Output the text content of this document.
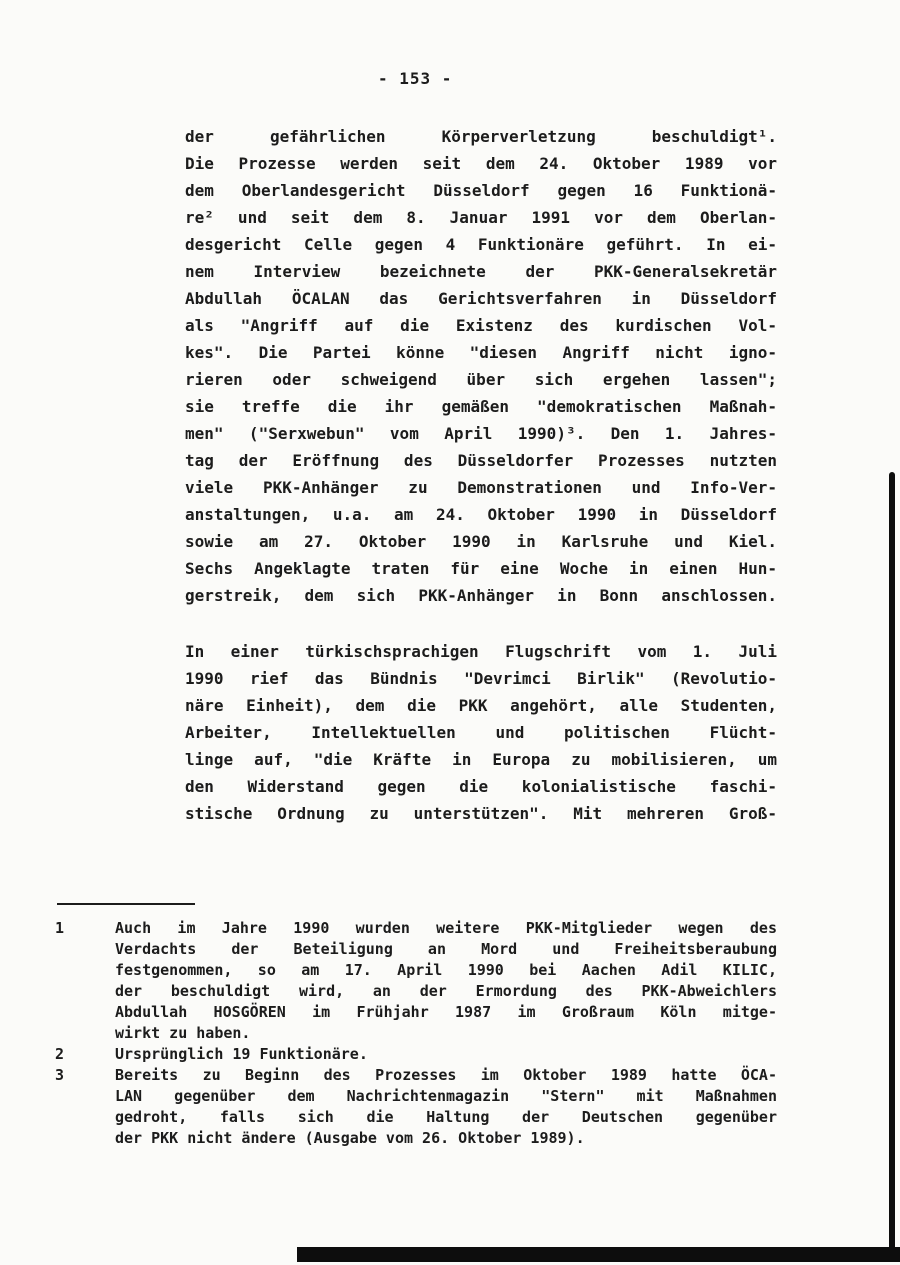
- 153 -
der gefährlichen Körperverletzung beschuldigt¹.
Die Prozesse werden seit dem 24. Oktober 1989 vor
dem Oberlandesgericht Düsseldorf gegen 16 Funktionä-
re² und seit dem 8. Januar 1991 vor dem Oberlan-
desgericht Celle gegen 4 Funktionäre geführt. In ei-
nem Interview bezeichnete der PKK-Generalsekretär
Abdullah ÖCALAN das Gerichtsverfahren in Düsseldorf
als "Angriff auf die Existenz des kurdischen Vol-
kes". Die Partei könne "diesen Angriff nicht igno-
rieren oder schweigend über sich ergehen lassen";
sie treffe die ihr gemäßen "demokratischen Maßnah-
men" ("Serxwebun" vom April 1990)³. Den 1. Jahres-
tag der Eröffnung des Düsseldorfer Prozesses nutzten
viele PKK-Anhänger zu Demonstrationen und Info-Ver-
anstaltungen, u.a. am 24. Oktober 1990 in Düsseldorf
sowie am 27. Oktober 1990 in Karlsruhe und Kiel.
Sechs Angeklagte traten für eine Woche in einen Hun-
gerstreik, dem sich PKK-Anhänger in Bonn anschlossen.
In einer türkischsprachigen Flugschrift vom 1. Juli
1990 rief das Bündnis "Devrimci Birlik" (Revolutio-
näre Einheit), dem die PKK angehört, alle Studenten,
Arbeiter, Intellektuellen und politischen Flücht-
linge auf, "die Kräfte in Europa zu mobilisieren, um
den Widerstand gegen die kolonialistische faschi-
stische Ordnung zu unterstützen". Mit mehreren Groß-
1	Auch im Jahre 1990 wurden weitere PKK-Mitglieder wegen des
Verdachts der Beteiligung an Mord und Freiheitsberaubung
festgenommen, so am 17. April 1990 bei Aachen Adil KILIC,
der beschuldigt wird, an der Ermordung des PKK-Abweichlers
Abdullah HOSGÖREN im Frühjahr 1987 im Großraum Köln mitge-
wirkt zu haben.
2	Ursprünglich 19 Funktionäre.
3	Bereits zu Beginn des Prozesses im Oktober 1989 hatte ÖCA-
LAN gegenüber dem Nachrichtenmagazin "Stern" mit Maßnahmen
gedroht, falls sich die Haltung der Deutschen gegenüber
der PKK nicht ändere (Ausgabe vom 26. Oktober 1989).
